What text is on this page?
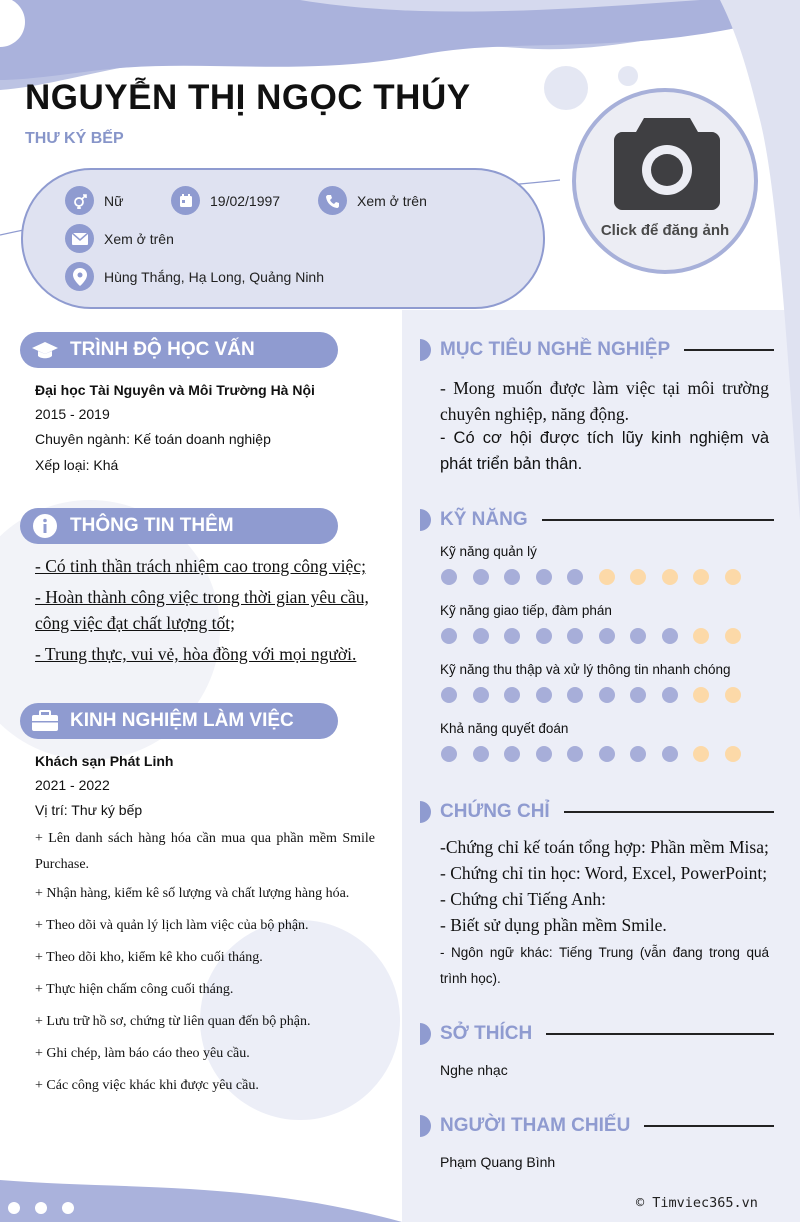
NGUYỄN THỊ NGỌC THÚY
THƯ KÝ BẾP
Nữ	19/02/1997	Xem ở trên
Xem ở trên
Hùng Thắng, Hạ Long, Quảng Ninh
Click để đăng ảnh
TRÌNH ĐỘ HỌC VẤN
Đại học Tài Nguyên và Môi Trường Hà Nội
2015 - 2019
Chuyên ngành: Kế toán doanh nghiệp
Xếp loại: Khá
THÔNG TIN THÊM
- Có tinh thần trách nhiệm cao trong công việc;
- Hoàn thành công việc trong thời gian yêu cầu,
công việc đạt chất lượng tốt;
- Trung thực, vui vẻ, hòa đồng với mọi người.
KINH NGHIỆM LÀM VIỆC
Khách sạn Phát Linh
2021 - 2022
Vị trí: Thư ký bếp
+ Lên danh sách hàng hóa cần mua qua phần mềm Smile Purchase.
+ Nhận hàng, kiểm kê số lượng và chất lượng hàng hóa.
+ Theo dõi và quản lý lịch làm việc của bộ phận.
+ Theo dõi kho, kiểm kê kho cuối tháng.
+ Thực hiện chấm công cuối tháng.
+ Lưu trữ hồ sơ, chứng từ liên quan đến bộ phận.
+ Ghi chép, làm báo cáo theo yêu cầu.
+ Các công việc khác khi được yêu cầu.
MỤC TIÊU NGHỀ NGHIỆP
- Mong muốn được làm việc tại môi trường chuyên nghiệp, năng động.
- Có cơ hội được tích lũy kinh nghiệm và phát triển bản thân.
KỸ NĂNG
Kỹ năng quản lý
Kỹ năng giao tiếp, đàm phán
Kỹ năng thu thập và xử lý thông tin nhanh chóng
Khả năng quyết đoán
CHỨNG CHỈ
-Chứng chỉ kế toán tổng hợp: Phần mềm Misa;
- Chứng chỉ tin học: Word, Excel, PowerPoint;
- Chứng chỉ Tiếng Anh:
- Biết sử dụng phần mềm Smile.
- Ngôn ngữ khác: Tiếng Trung (vẫn đang trong quá trình học).
SỞ THÍCH
Nghe nhạc
NGƯỜI THAM CHIẾU
Phạm Quang Bình
© Timviec365.vn
